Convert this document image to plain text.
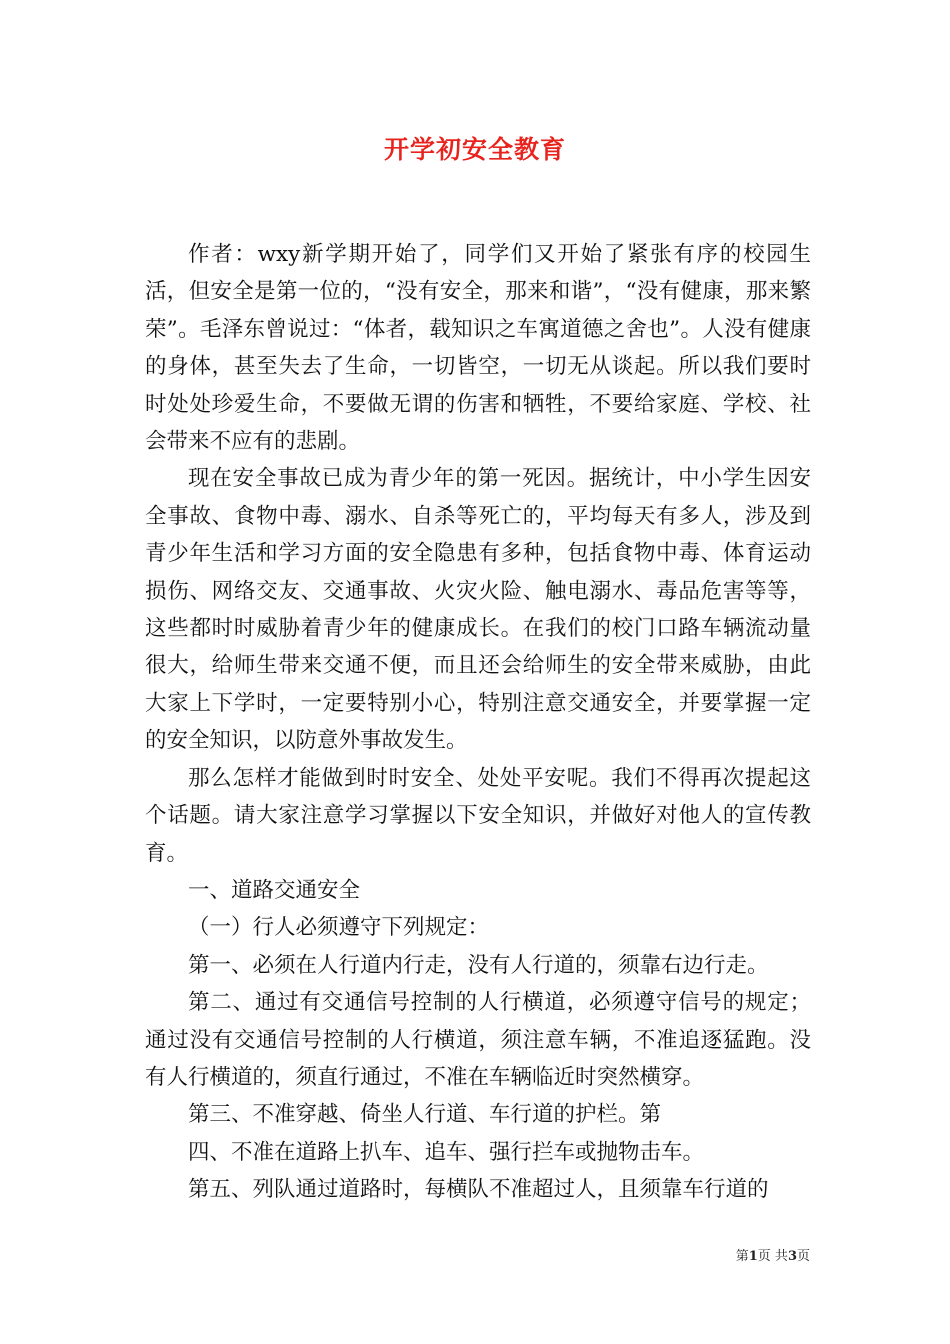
开学初安全教育

作者：wxy新学期开始了，同学们又开始了紧张有序的校园生活，但安全是第一位的，“没有安全，那来和谐”，“没有健康，那来繁荣”。毛泽东曾说过：“体者，载知识之车寓道德之舍也”。人没有健康的身体，甚至失去了生命，一切皆空，一切无从谈起。所以我们要时时处处珍爱生命，不要做无谓的伤害和牺牲，不要给家庭、学校、社会带来不应有的悲剧。

现在安全事故已成为青少年的第一死因。据统计，中小学生因安全事故、食物中毒、溺水、自杀等死亡的，平均每天有多人，涉及到青少年生活和学习方面的安全隐患有多种，包括食物中毒、体育运动损伤、网络交友、交通事故、火灾火险、触电溺水、毒品危害等等，这些都时时威胁着青少年的健康成长。在我们的校门口路车辆流动量很大，给师生带来交通不便，而且还会给师生的安全带来威胁，由此大家上下学时，一定要特别小心，特别注意交通安全，并要掌握一定的安全知识，以防意外事故发生。

那么怎样才能做到时时安全、处处平安呢。我们不得再次提起这个话题。请大家注意学习掌握以下安全知识，并做好对他人的宣传教育。

一、道路交通安全

（一）行人必须遵守下列规定：

第一、必须在人行道内行走，没有人行道的，须靠右边行走。

第二、通过有交通信号控制的人行横道，必须遵守信号的规定；通过没有交通信号控制的人行横道，须注意车辆，不准追逐猛跑。没有人行横道的，须直行通过，不准在车辆临近时突然横穿。

第三、不准穿越、倚坐人行道、车行道的护栏。第

四、不准在道路上扒车、追车、强行拦车或抛物击车。

第五、列队通过道路时，每横队不准超过人，且须靠车行道的

第1页 共3页
